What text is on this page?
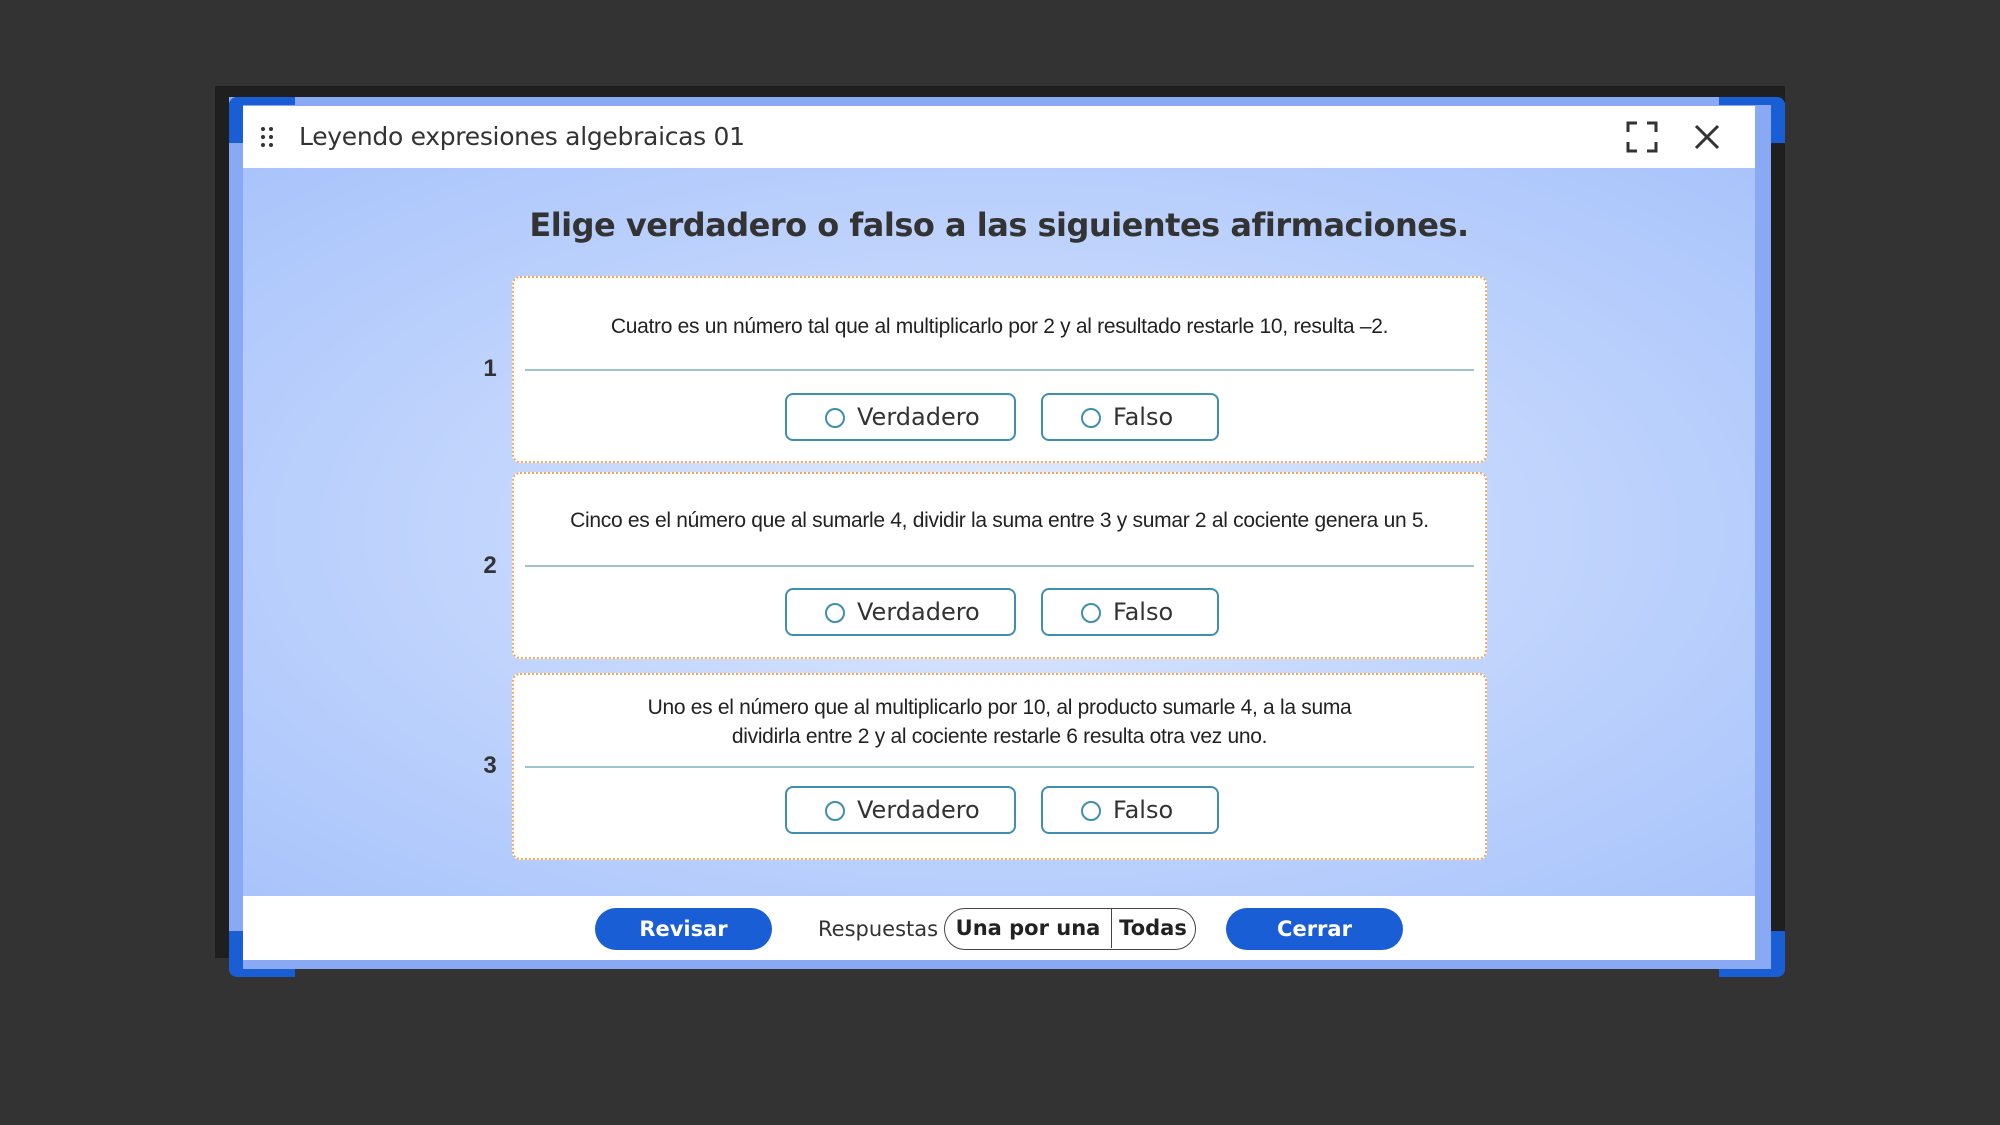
Leyendo expresiones algebraicas 01
Elige verdadero o falso a las siguientes afirmaciones.
1
Cuatro es un número tal que al multiplicarlo por 2 y al resultado restarle 10, resulta –2.
Verdadero	Falso
2
Cinco es el número que al sumarle 4, dividir la suma entre 3 y sumar 2 al cociente genera un 5.
Verdadero	Falso
3
Uno es el número que al multiplicarlo por 10, al producto sumarle 4, a la suma
dividirla entre 2 y al cociente restarle 6 resulta otra vez uno.
Verdadero	Falso
Revisar	Respuestas Una por una Todas	Cerrar
